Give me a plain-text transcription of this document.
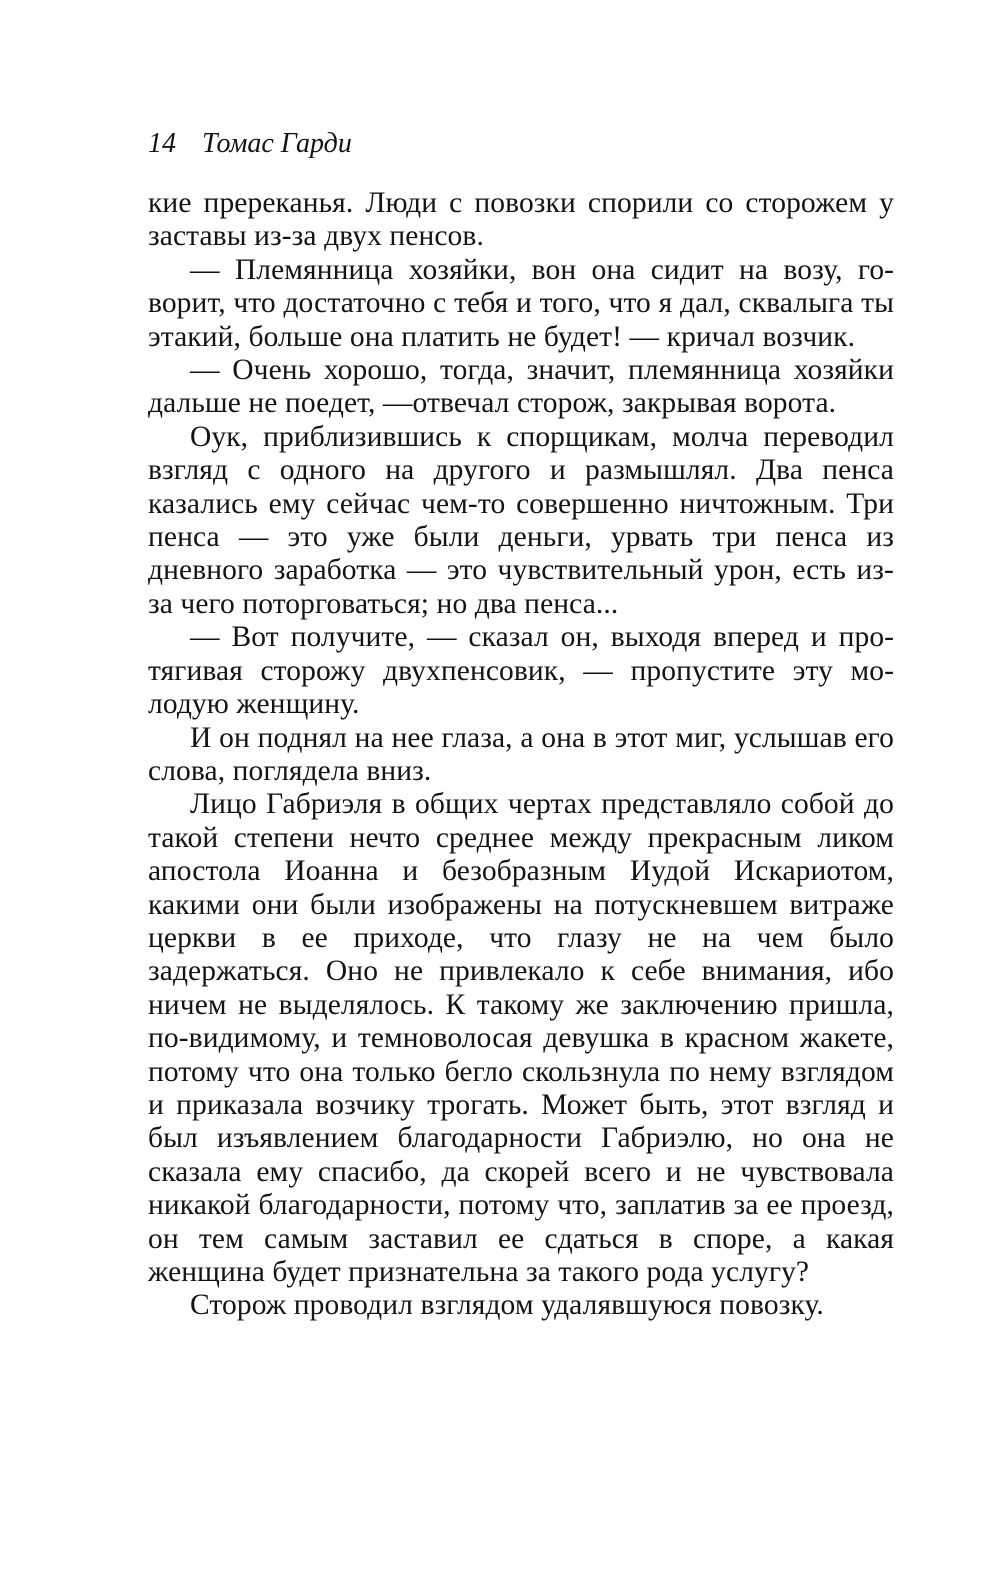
14 Томас Гарди

кие пререканья. Люди с повозки спорили со сторожем у заставы из-за двух пенсов.

— Племянница хозяйки, вон она сидит на возу, говорит, что достаточно с тебя и того, что я дал, сквалыга ты этакий, больше она платить не будет! — кричал возчик.

— Очень хорошо, тогда, значит, племянница хозяйки дальше не поедет, —отвечал сторож, закрывая ворота.

Оук, приблизившись к спорщикам, молча переводил взгляд с одного на другого и размышлял. Два пенса казались ему сейчас чем-то совершенно ничтожным. Три пенса — это уже были деньги, урвать три пенса из дневного заработка — это чувствительный урон, есть из-за чего поторговаться; но два пенса...

— Вот получите, — сказал он, выходя вперед и протягивая сторожу двухпенсовик, — пропустите эту молодую женщину.

И он поднял на нее глаза, а она в этот миг, услышав его слова, поглядела вниз.

Лицо Габриэля в общих чертах представляло собой до такой степени нечто среднее между прекрасным ликом апостола Иоанна и безобразным Иудой Искариотом, какими они были изображены на потускневшем витраже церкви в ее приходе, что глазу не на чем было задержаться. Оно не привлекало к себе внимания, ибо ничем не выделялось. К такому же заключению пришла, по-видимому, и темноволосая девушка в красном жакете, потому что она только бегло скользнула по нему взглядом и приказала возчику трогать. Может быть, этот взгляд и был изъявлением благодарности Габриэлю, но она не сказала ему спасибо, да скорей всего и не чувствовала никакой благодарности, потому что, заплатив за ее проезд, он тем самым заставил ее сдаться в споре, а какая женщина будет признательна за такого рода услугу?

Сторож проводил взглядом удалявшуюся повозку.
